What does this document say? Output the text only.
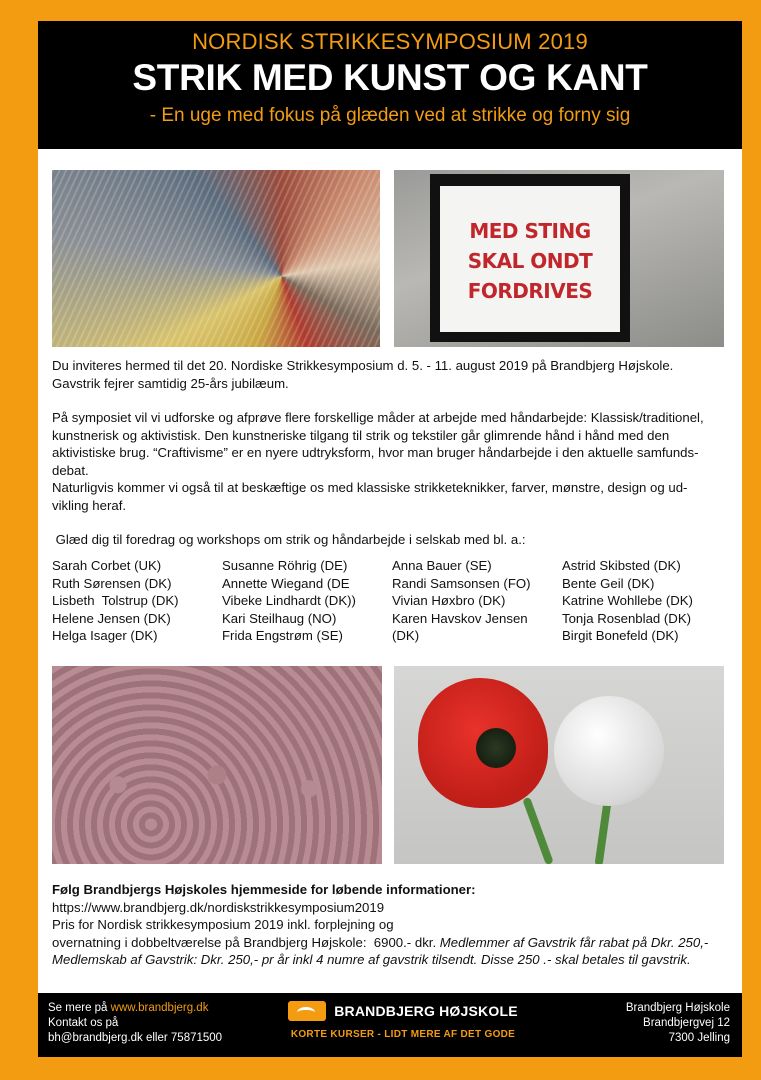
NORDISK STRIKKESYMPOSIUM 2019
STRIK MED KUNST OG KANT
- En uge med fokus på glæden ved at strikke og forny sig
MED STING
SKAL ONDT
FORDRIVES
Du inviteres hermed til det 20. Nordiske Strikkesymposium d. 5. - 11. august 2019 på Brandbjerg Højskole.
Gavstrik fejrer samtidig 25-års jubilæum.
På symposiet vil vi udforske og afprøve flere forskellige måder at arbejde med håndarbejde: Klassisk/traditionel,
kunstnerisk og aktivistisk. Den kunstneriske tilgang til strik og tekstiler går glimrende hånd i hånd med den
aktivistiske brug. “Craftivisme” er en nyere udtryksform, hvor man bruger håndarbejde i den aktuelle samfunds-
debat.
Naturligvis kommer vi også til at beskæftige os med klassiske strikketeknikker, farver, mønstre, design og ud-
vikling heraf.
Glæd dig til foredrag og workshops om strik og håndarbejde i selskab med bl. a.:
Sarah Corbet (UK)
Ruth Sørensen (DK)
Lisbeth  Tolstrup (DK)
Helene Jensen (DK)
Helga Isager (DK)
Susanne Röhrig (DE)
Annette Wiegand (DE
Vibeke Lindhardt (DK))
Kari Steilhaug (NO)
Frida Engstrøm (SE)
Anna Bauer (SE)
Randi Samsonsen (FO)
Vivian Høxbro (DK)
Karen Havskov Jensen
(DK)
Astrid Skibsted (DK)
Bente Geil (DK)
Katrine Wohllebe (DK)
Tonja Rosenblad (DK)
Birgit Bonefeld (DK)
Følg Brandbjergs Højskoles hjemmeside for løbende informationer:
https://www.brandbjerg.dk/nordiskstrikkesymposium2019
Pris for Nordisk strikkesymposium 2019 inkl. forplejning og
overnatning i dobbeltværelse på Brandbjerg Højskole:  6900.- dkr. Medlemmer af Gavstrik får rabat på Dkr. 250,-
Medlemskab af Gavstrik: Dkr. 250,- pr år inkl 4 numre af gavstrik tilsendt. Disse 250 .- skal betales til gavstrik.
Se mere på www.brandbjerg.dk
Kontakt os på
bh@brandbjerg.dk eller 75871500
BRANDBJERG HØJSKOLE
KORTE KURSER - LIDT MERE AF DET GODE
Brandbjerg Højskole
Brandbjergvej 12
7300 Jelling
